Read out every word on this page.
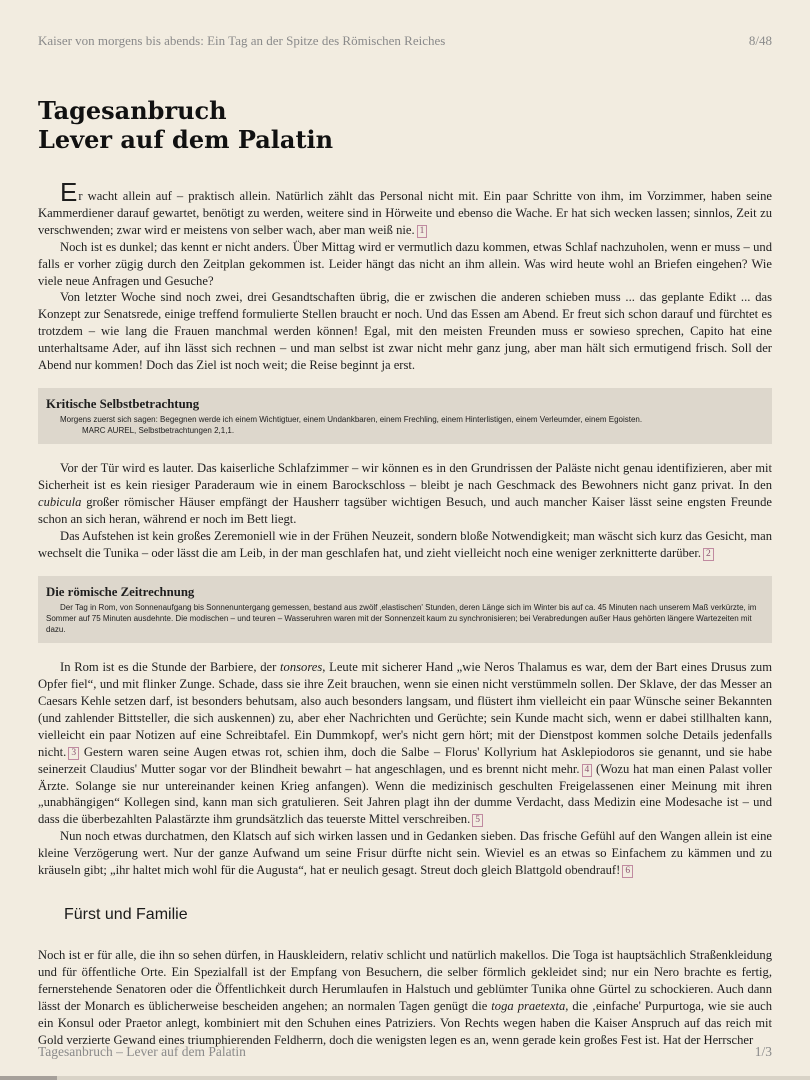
Kaiser von morgens bis abends: Ein Tag an der Spitze des Römischen Reiches	8/48
Tagesanbruch
Lever auf dem Palatin

Er wacht allein auf – praktisch allein. Natürlich zählt das Personal nicht mit. Ein paar Schritte von ihm, im Vorzimmer, haben seine Kammerdiener darauf gewartet, benötigt zu werden, weitere sind in Hörweite und ebenso die Wache. Er hat sich wecken lassen; sinnlos, Zeit zu verschwenden; zwar wird er meistens von selber wach, aber man weiß nie. 1

Noch ist es dunkel; das kennt er nicht anders. Über Mittag wird er vermutlich dazu kommen, etwas Schlaf nachzuholen, wenn er muss – und falls er vorher zügig durch den Zeitplan gekommen ist. Leider hängt das nicht an ihm allein. Was wird heute wohl an Briefen eingehen? Wie viele neue Anfragen und Gesuche?

Von letzter Woche sind noch zwei, drei Gesandtschaften übrig, die er zwischen die anderen schieben muss ... das geplante Edikt ... das Konzept zur Senatsrede, einige treffend formulierte Stellen braucht er noch. Und das Essen am Abend. Er freut sich schon darauf und fürchtet es trotzdem – wie lang die Frauen manchmal werden können! Egal, mit den meisten Freunden muss er sowieso sprechen, Capito hat eine unterhaltsame Ader, auf ihn lässt sich rechnen – und man selbst ist zwar nicht mehr ganz jung, aber man hält sich ermutigend frisch. Soll der Abend nur kommen! Doch das Ziel ist noch weit; die Reise beginnt ja erst.

Kritische Selbstbetrachtung

Morgens zuerst sich sagen: Begegnen werde ich einem Wichtigtuer, einem Undankbaren, einem Frechling, einem Hinterlistigen, einem Verleumder, einem Egoisten.

MARC AUREL, Selbstbetrachtungen 2,1,1.

Vor der Tür wird es lauter. Das kaiserliche Schlafzimmer – wir können es in den Grundrissen der Paläste nicht genau identifizieren, aber mit Sicherheit ist es kein riesiger Paraderaum wie in einem Barockschloss – bleibt je nach Geschmack des Bewohners nicht ganz privat. In den cubicula großer römischer Häuser empfängt der Hausherr tagsüber wichtigen Besuch, und auch mancher Kaiser lässt seine engsten Freunde schon an sich heran, während er noch im Bett liegt.

Das Aufstehen ist kein großes Zeremoniell wie in der Frühen Neuzeit, sondern bloße Notwendigkeit; man wäscht sich kurz das Gesicht, man wechselt die Tunika – oder lässt die am Leib, in der man geschlafen hat, und zieht vielleicht noch eine weniger zerknitterte darüber. 2

Die römische Zeitrechnung

Der Tag in Rom, von Sonnenaufgang bis Sonnenuntergang gemessen, bestand aus zwölf ‚elastischen' Stunden, deren Länge sich im Winter bis auf ca. 45 Minuten nach unserem Maß verkürzte, im Sommer auf 75 Minuten ausdehnte. Die modischen – und teuren – Wasseruhren waren mit der Sonnenzeit kaum zu synchronisieren; bei Verabredungen außer Haus gehörten längere Wartezeiten mit dazu.

In Rom ist es die Stunde der Barbiere, der tonsores, Leute mit sicherer Hand „wie Neros Thalamus es war, dem der Bart eines Drusus zum Opfer fiel“, und mit flinker Zunge. Schade, dass sie ihre Zeit brauchen, wenn sie einen nicht verstümmeln sollen. Der Sklave, der das Messer an Caesars Kehle setzen darf, ist besonders behutsam, also auch besonders langsam, und flüstert ihm vielleicht ein paar Wünsche seiner Bekannten (und zahlender Bittsteller, die sich auskennen) zu, aber eher Nachrichten und Gerüchte; sein Kunde macht sich, wenn er dabei stillhalten kann, vielleicht ein paar Notizen auf eine Schreibtafel. Ein Dummkopf, wer's nicht gern hört; mit der Dienstpost kommen solche Details jedenfalls nicht. 3 Gestern waren seine Augen etwas rot, schien ihm, doch die Salbe – Florus' Kollyrium hat Asklepiodoros sie genannt, und sie habe seinerzeit Claudius' Mutter sogar vor der Blindheit bewahrt – hat angeschlagen, und es brennt nicht mehr. 4 (Wozu hat man einen Palast voller Ärzte. Solange sie nur untereinander keinen Krieg anfangen). Wenn die medizinisch geschulten Freigelassenen einer Meinung mit ihren „unabhängigen“ Kollegen sind, kann man sich gratulieren. Seit Jahren plagt ihn der dumme Verdacht, dass Medizin eine Modesache ist – und dass die überbezahlten Palastärzte ihm grundsätzlich das teuerste Mittel verschreiben. 5

Nun noch etwas durchatmen, den Klatsch auf sich wirken lassen und in Gedanken sieben. Das frische Gefühl auf den Wangen allein ist eine kleine Verzögerung wert. Nur der ganze Aufwand um seine Frisur dürfte nicht sein. Wieviel es an etwas so Einfachem zu kämmen und zu kräuseln gibt; „ihr haltet mich wohl für die Augusta“, hat er neulich gesagt. Streut doch gleich Blattgold obendrauf! 6

Fürst und Familie

Noch ist er für alle, die ihn so sehen dürfen, in Hauskleidern, relativ schlicht und natürlich makellos. Die Toga ist hauptsächlich Straßenkleidung und für öffentliche Orte. Ein Spezialfall ist der Empfang von Besuchern, die selber förmlich gekleidet sind; nur ein Nero brachte es fertig, fernerstehende Senatoren oder die Öffentlichkeit durch Herumlaufen in Halstuch und geblümter Tunika ohne Gürtel zu schockieren. Auch dann lässt der Monarch es üblicherweise bescheiden angehen; an normalen Tagen genügt die toga praetexta, die ‚einfache' Purpurtoga, wie sie auch ein Konsul oder Praetor anlegt, kombiniert mit den Schuhen eines Patriziers. Von Rechts wegen haben die Kaiser Anspruch auf das reich mit Gold verzierte Gewand eines triumphierenden Feldherrn, doch die wenigsten legen es an, wenn gerade kein großes Fest ist. Hat der Herrscher

Tagesanbruch – Lever auf dem Palatin	1/3
